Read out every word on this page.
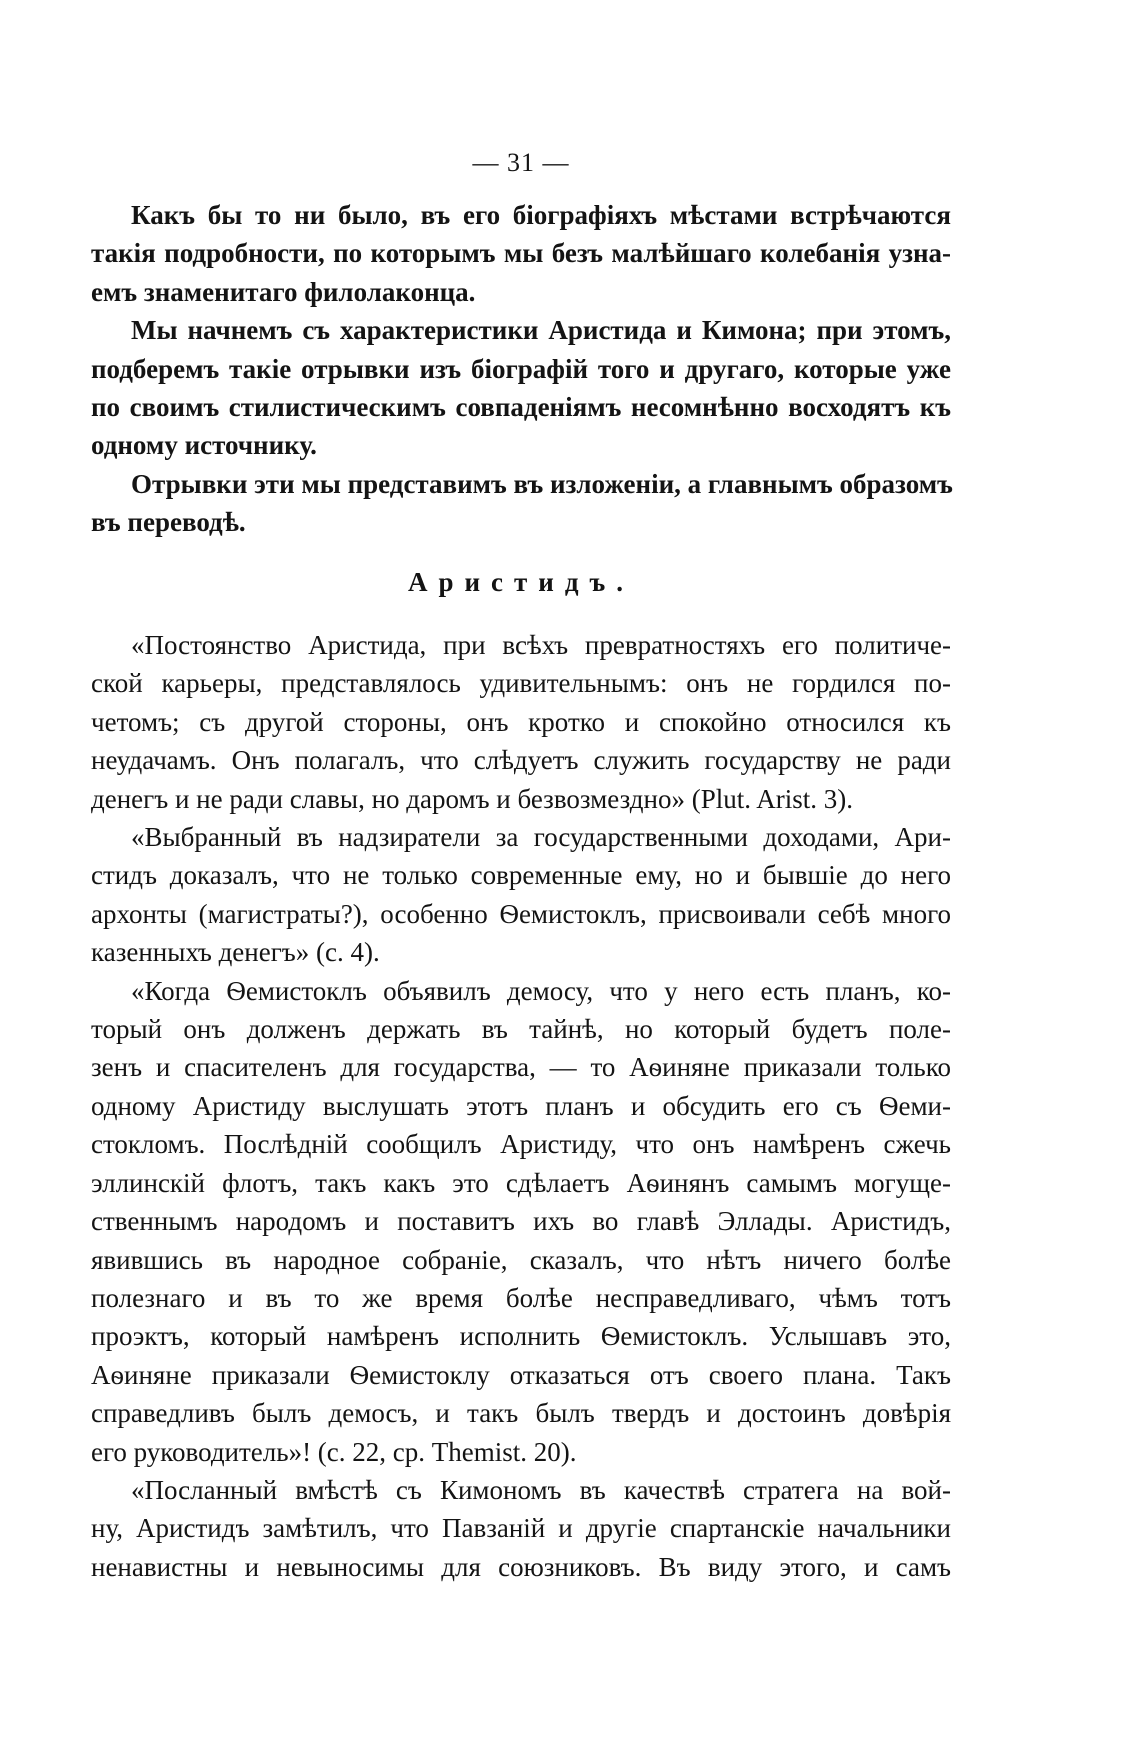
— 31 —

Какъ бы то ни было, въ его біографіяхъ мѣстами встрѣчаются
такія подробности, по которымъ мы безъ малѣйшаго колебанія узна-
емъ знаменитаго филолаконца.

Мы начнемъ съ характеристики Аристида и Кимона; при этомъ,
подберемъ такіе отрывки изъ біографій того и другаго, которые уже
по своимъ стилистическимъ совпаденіямъ несомнѣнно восходятъ къ
одному источнику.

Отрывки эти мы представимъ въ изложеніи, а главнымъ образомъ
въ переводѣ.

Аристидъ.

«Постоянство Аристида, при всѣхъ превратностяхъ его политиче-
ской карьеры, представлялось удивительнымъ: онъ не гордился по-
четомъ; съ другой стороны, онъ кротко и спокойно относился къ
неудачамъ. Онъ полагалъ, что слѣдуетъ служить государству не ради
денегъ и не ради славы, но даромъ и безвозмездно» (Plut. Arist. 3).

«Выбранный въ надзиратели за государственными доходами, Ари-
стидъ доказалъ, что не только современные ему, но и бывшіе до него
архонты (магистраты?), особенно Ѳемистоклъ, присвоивали себѣ много
казенныхъ денегъ» (с. 4).

«Когда Ѳемистоклъ объявилъ демосу, что у него есть планъ, ко-
торый онъ долженъ держать въ тайнѣ, но который будетъ поле-
зенъ и спасителенъ для государства, — то Аѳиняне приказали только
одному Аристиду выслушать этотъ планъ и обсудить его съ Ѳеми-
стокломъ. Послѣдній сообщилъ Аристиду, что онъ намѣренъ сжечь
эллинскій флотъ, такъ какъ это сдѣлаетъ Аѳинянъ самымъ могуще-
ственнымъ народомъ и поставитъ ихъ во главѣ Эллады. Аристидъ,
явившись въ народное собраніе, сказалъ, что нѣтъ ничего болѣе
полезнаго и въ то же время болѣе несправедливаго, чѣмъ тотъ
проэктъ, который намѣренъ исполнить Ѳемистоклъ. Услышавъ это,
Аѳиняне приказали Ѳемистоклу отказаться отъ своего плана. Такъ
справедливъ былъ демосъ, и такъ былъ твердъ и достоинъ довѣрія
его руководитель»! (с. 22, ср. Themist. 20).

«Посланный вмѣстѣ съ Кимономъ въ качествѣ стратега на вой-
ну, Аристидъ замѣтилъ, что Павзаній и другіе спартанскіе начальники
ненавистны и невыносимы для союзниковъ. Въ виду этого, и самъ
